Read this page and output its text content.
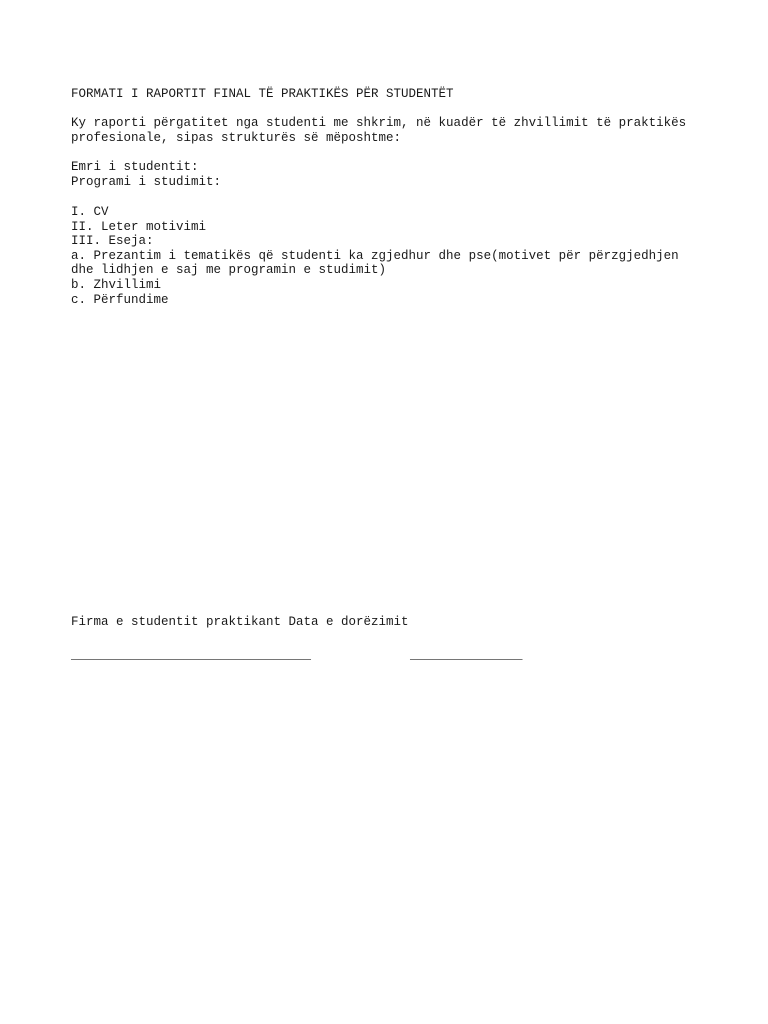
FORMATI I RAPORTIT FINAL TË PRAKTIKËS PËR STUDENTËT
Ky raporti përgatitet nga studenti me shkrim, në kuadër të zhvillimit të praktikës
profesionale, sipas strukturës së mëposhtme:
Emri i studentit:
Programi i studimit:
I. CV
II. Leter motivimi
III. Eseja:
a. Prezantim i tematikës që studenti ka zgjedhur dhe pse(motivet për përzgjedhjen
dhe lidhjen e saj me programin e studimit)
b. Zhvillimi
c. Përfundime
Firma e studentit praktikant Data e dorëzimit
________________________________	_______________
